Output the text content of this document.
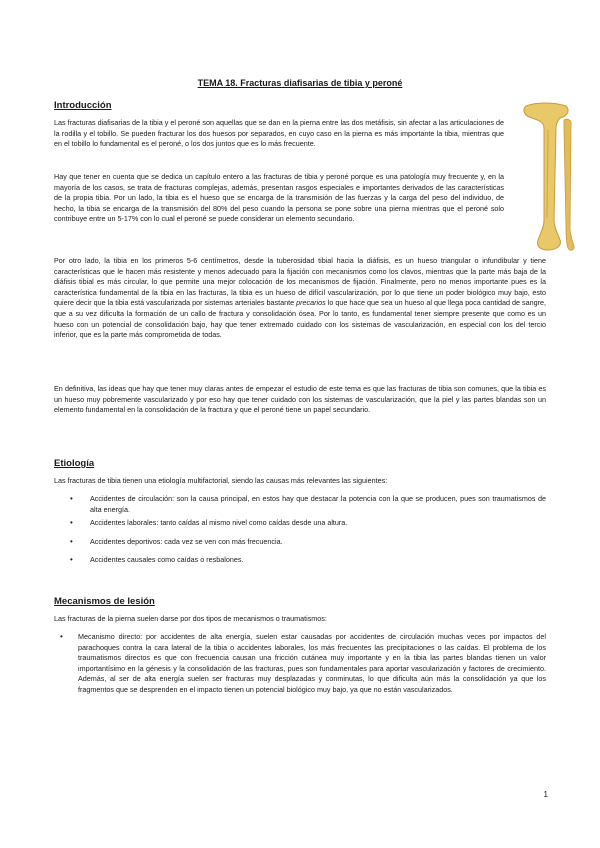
TEMA 18. Fracturas diafisarias de tibia y peroné

Introducción

Las fracturas diafisarias de la tibia y el peroné son aquellas que se dan en la pierna entre las dos metáfisis, sin afectar a las articulaciones de la rodilla y el tobillo. Se pueden fracturar los dos huesos por separados, en cuyo caso en la pierna es más importante la tibia, mientras que en el tobillo lo fundamental es el peroné, o los dos juntos que es lo más frecuente.

Hay que tener en cuenta que se dedica un capítulo entero a las fracturas de tibia y peroné porque es una patología muy frecuente y, en la mayoría de los casos, se trata de fracturas complejas, además, presentan rasgos especiales e importantes derivados de las características de la propia tibia. Por un lado, la tibia es el hueso que se encarga de la transmisión de las fuerzas y la carga del peso del individuo, de hecho, la tibia se encarga de la transmisión del 80% del peso cuando la persona se pone sobre una pierna mientras que el peroné solo contribuye entre un 5-17% con lo cual el peroné se puede considerar un elemento secundario.

Por otro lado, la tibia en los primeros 5-6 centímetros, desde la tuberosidad tibial hacia la diáfisis, es un hueso triangular o infundibular y tiene características que le hacen más resistente y menos adecuado para la fijación con mecanismos como los clavos, mientras que la parte más baja de la diáfisis tibial es más circular, lo que permite una mejor colocación de los mecanismos de fijación. Finalmente, pero no menos importante pues es la característica fundamental de la tibia en las fracturas, la tibia es un hueso de difícil vascularización, por lo que tiene un poder biológico muy bajo, esto quiere decir que la tibia está vascularizada por sistemas arteriales bastante precarios lo que hace que sea un hueso al que llega poca cantidad de sangre, que a su vez dificulta la formación de un callo de fractura y consolidación ósea. Por lo tanto, es fundamental tener siempre presente que como es un hueso con un potencial de consolidación bajo, hay que tener extremado cuidado con los sistemas de vascularización, en especial con los del tercio inferior, que es la parte más comprometida de todas.

En definitiva, las ideas que hay que tener muy claras antes de empezar el estudio de este tema es que las fracturas de tibia son comunes, que la tibia es un hueso muy pobremente vascularizado y por eso hay que tener cuidado con los sistemas de vascularización, que la piel y las partes blandas son un elemento fundamental en la consolidación de la fractura y que el peroné tiene un papel secundario.

Etiología

Las fracturas de tibia tienen una etiología multifactorial, siendo las causas más relevantes las siguientes:

• Accidentes de circulación: son la causa principal, en estos hay que destacar la potencia con la que se producen, pues son traumatismos de alta energía.
• Accidentes laborales: tanto caídas al mismo nivel como caídas desde una altura.
• Accidentes deportivos: cada vez se ven con más frecuencia.
• Accidentes causales como caídas o resbalones.

Mecanismos de lesión

Las fracturas de la pierna suelen darse por dos tipos de mecanismos o traumatismos:

• Mecanismo directo: por accidentes de alta energía, suelen estar causadas por accidentes de circulación muchas veces por impactos del parachoques contra la cara lateral de la tibia o accidentes laborales, los más frecuentes las precipitaciones o las caídas. El problema de los traumatismos directos es que con frecuencia causan una fricción cutánea muy importante y en la tibia las partes blandas tienen un valor importantísimo en la génesis y la consolidación de las fracturas, pues son fundamentales para aportar vascularización y factores de crecimiento. Además, al ser de alta energía suelen ser fracturas muy desplazadas y conminutas, lo que dificulta aún más la consolidación ya que los fragmentos que se desprenden en el impacto tienen un potencial biológico muy bajo, ya que no están vascularizados.
1
